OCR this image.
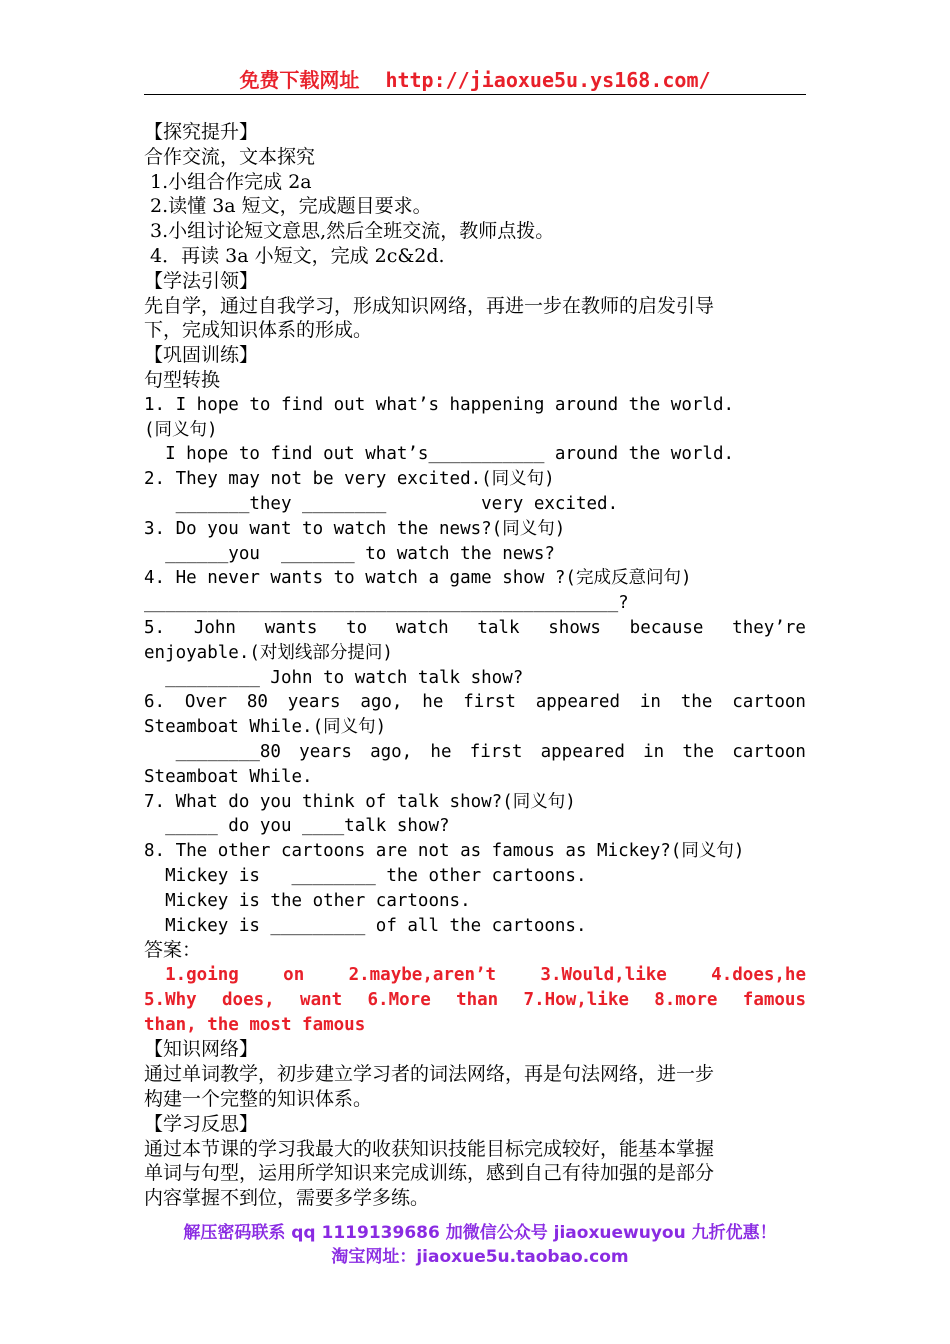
免费下载网址 http://jiaoxue5u.ys168.com/
【探究提升】
合作交流，文本探究
1.小组合作完成 2a
2.读懂 3a 短文，完成题目要求。
3.小组讨论短文意思,然后全班交流，教师点拨。
4．再读 3a 小短文，完成 2c&2d.
【学法引领】
先自学，通过自我学习，形成知识网络，再进一步在教师的启发引导
下，完成知识体系的形成。
【巩固训练】
句型转换
1. I hope to find out what’s happening around the world.
(同义句)
I hope to find out what’s___________ around the world.
2. They may not be very excited.(同义句)
_______they ________         very excited.
3. Do you want to watch the news?(同义句)
______you  _______ to watch the news?
4. He never wants to watch a game show ?(完成反意问句)
_____________________________________________?
5. John wants to watch talk shows because they’re
enjoyable.(对划线部分提问)
_________ John to watch talk show?
6. Over 80 years ago, he first appeared in the cartoon
Steamboat While.(同义句)
________80 years ago, he first appeared in the cartoon
Steamboat While.
7. What do you think of talk show?(同义句)
_____ do you ____talk show?
8. The other cartoons are not as famous as Mickey?(同义句)
Mickey is   ________ the other cartoons.
Mickey is the other cartoons.
Mickey is _________ of all the cartoons.
答案：
1.going	on	2.maybe,aren’t	3.Would,like	4.does,he
5.Why does, want 6.More than 7.How,like 8.more famous
than, the most famous
【知识网络】
通过单词教学，初步建立学习者的词法网络，再是句法网络，进一步
构建一个完整的知识体系。
【学习反思】
通过本节课的学习我最大的收获知识技能目标完成较好，能基本掌握
单词与句型，运用所学知识来完成训练，感到自己有待加强的是部分
内容掌握不到位，需要多学多练。
解压密码联系 qq 1119139686 加微信公众号 jiaoxuewuyou 九折优惠！
淘宝网址：jiaoxue5u.taobao.com
